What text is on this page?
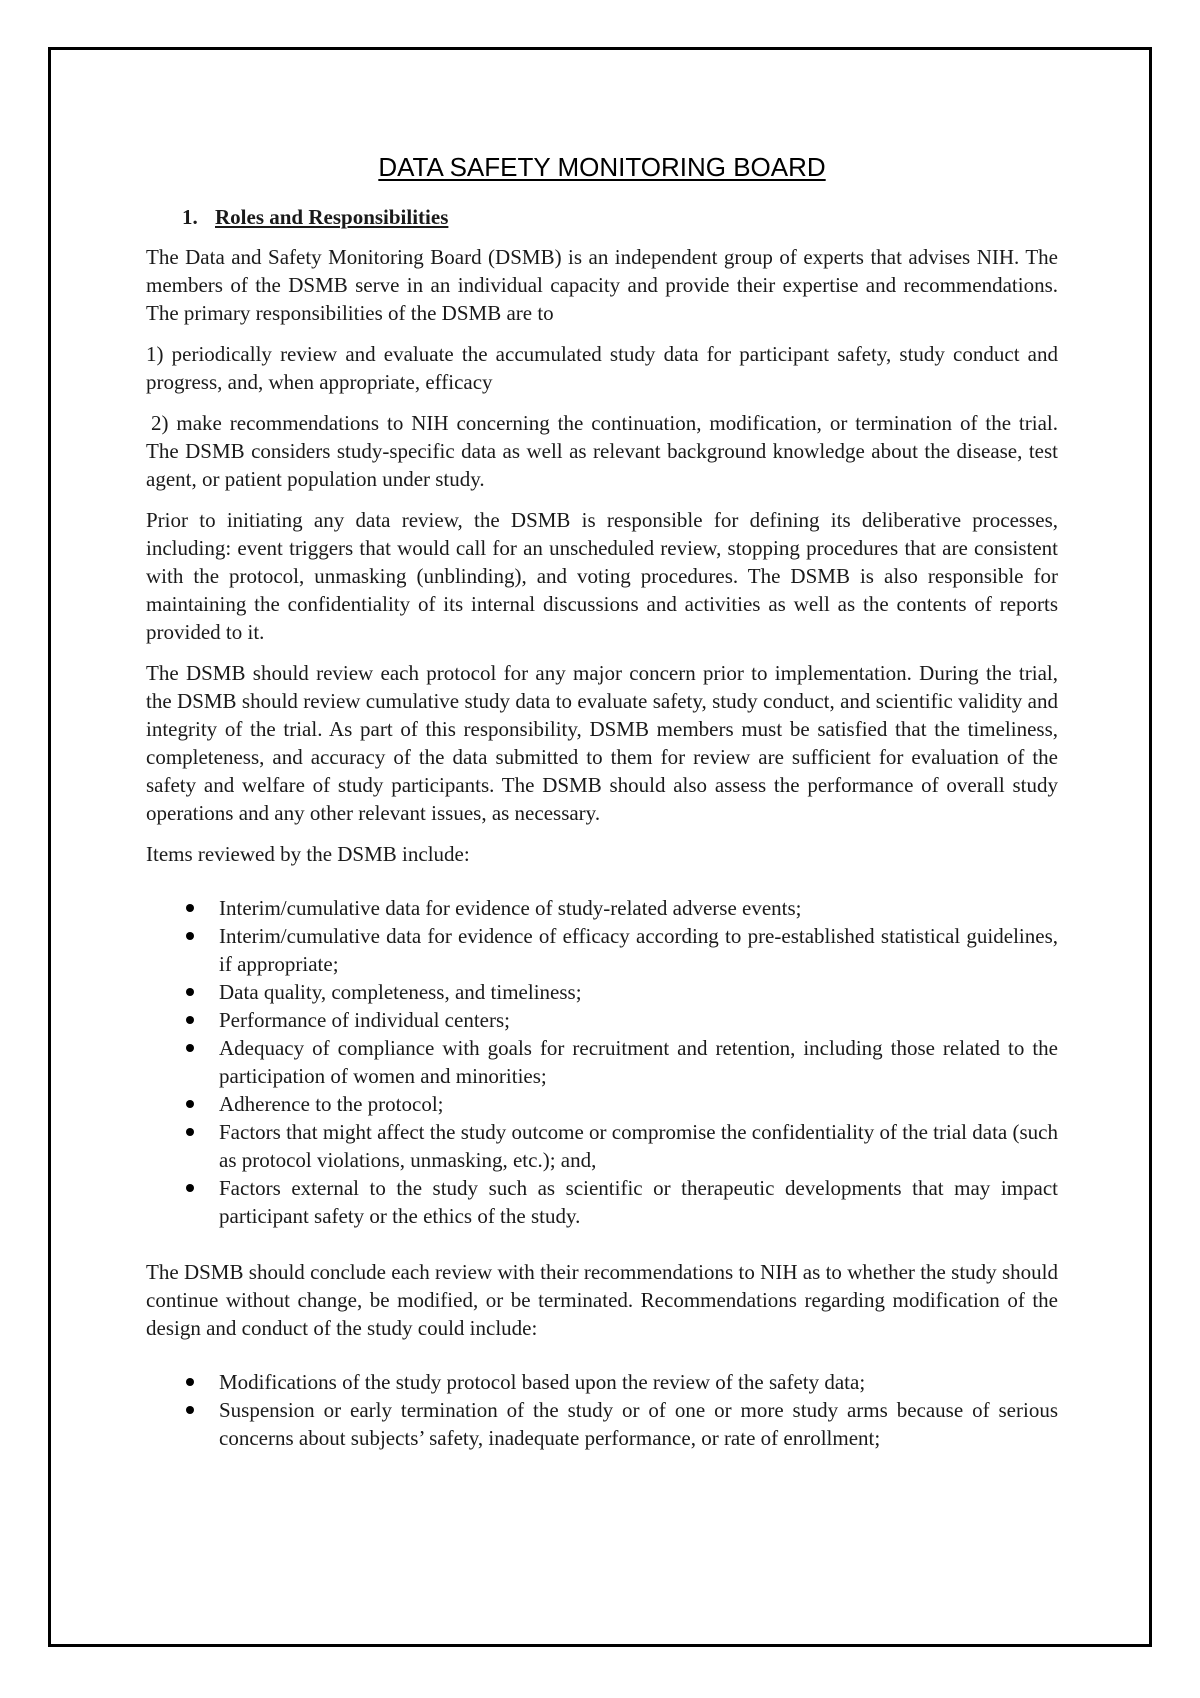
DATA SAFETY MONITORING BOARD
1. Roles and Responsibilities

The Data and Safety Monitoring Board (DSMB) is an independent group of experts that advises NIH. The members of the DSMB serve in an individual capacity and provide their expertise and recommendations. The primary responsibilities of the DSMB are to

1) periodically review and evaluate the accumulated study data for participant safety, study conduct and progress, and, when appropriate, efficacy

2) make recommendations to NIH concerning the continuation, modification, or termination of the trial. The DSMB considers study-specific data as well as relevant background knowledge about the disease, test agent, or patient population under study.

Prior to initiating any data review, the DSMB is responsible for defining its deliberative processes, including: event triggers that would call for an unscheduled review, stopping procedures that are consistent with the protocol, unmasking (unblinding), and voting procedures. The DSMB is also responsible for maintaining the confidentiality of its internal discussions and activities as well as the contents of reports provided to it.

The DSMB should review each protocol for any major concern prior to implementation. During the trial, the DSMB should review cumulative study data to evaluate safety, study conduct, and scientific validity and integrity of the trial. As part of this responsibility, DSMB members must be satisfied that the timeliness, completeness, and accuracy of the data submitted to them for review are sufficient for evaluation of the safety and welfare of study participants. The DSMB should also assess the performance of overall study operations and any other relevant issues, as necessary.

Items reviewed by the DSMB include:

Interim/cumulative data for evidence of study-related adverse events;
Interim/cumulative data for evidence of efficacy according to pre-established statistical guidelines, if appropriate;
Data quality, completeness, and timeliness;
Performance of individual centers;
Adequacy of compliance with goals for recruitment and retention, including those related to the participation of women and minorities;
Adherence to the protocol;
Factors that might affect the study outcome or compromise the confidentiality of the trial data (such as protocol violations, unmasking, etc.); and,
Factors external to the study such as scientific or therapeutic developments that may impact participant safety or the ethics of the study.

The DSMB should conclude each review with their recommendations to NIH as to whether the study should continue without change, be modified, or be terminated. Recommendations regarding modification of the design and conduct of the study could include:

Modifications of the study protocol based upon the review of the safety data;
Suspension or early termination of the study or of one or more study arms because of serious concerns about subjects’ safety, inadequate performance, or rate of enrollment;
